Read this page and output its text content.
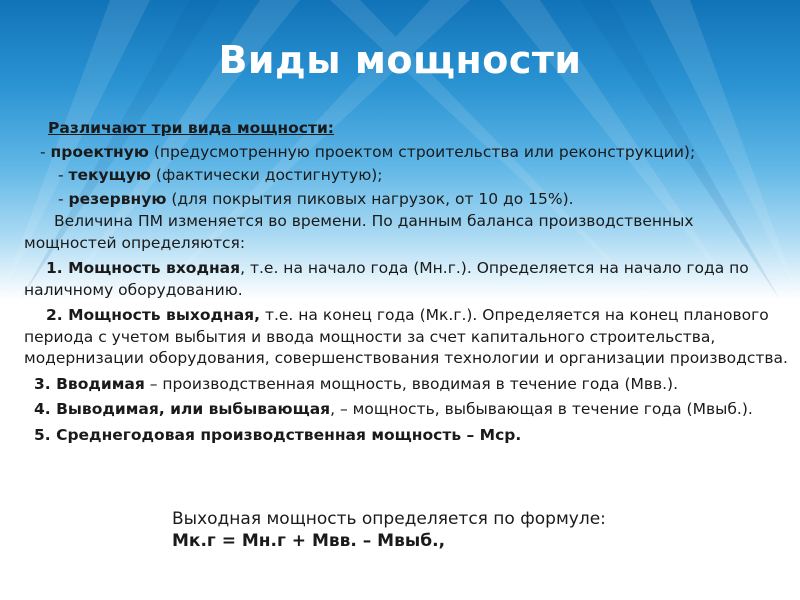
Виды мощности

Различают три вида мощности:

- проектную (предусмотренную проектом строительства или реконструкции);

- текущую (фактически достигнутую);

- резервную (для покрытия пиковых нагрузок, от 10 до 15%).

Величина ПМ изменяется во времени. По данным баланса производственных мощностей определяются:

1. Мощность входная, т.е. на начало года (Мн.г.). Определяется на начало года по наличному оборудованию.

2. Мощность выходная, т.е. на конец года (Мк.г.). Определяется на конец планового периода с учетом выбытия и ввода мощности за счет капитального строительства, модернизации оборудования, совершенствования технологии и организации производства.

3. Вводимая – производственная мощность, вводимая в течение года (Мвв.).

4. Выводимая, или выбывающая, – мощность, выбывающая в течение года (Мвыб.).

5. Среднегодовая производственная мощность – Мср.

Выходная мощность определяется по формуле:

Мк.г = Мн.г + Мвв. – Мвыб.,
